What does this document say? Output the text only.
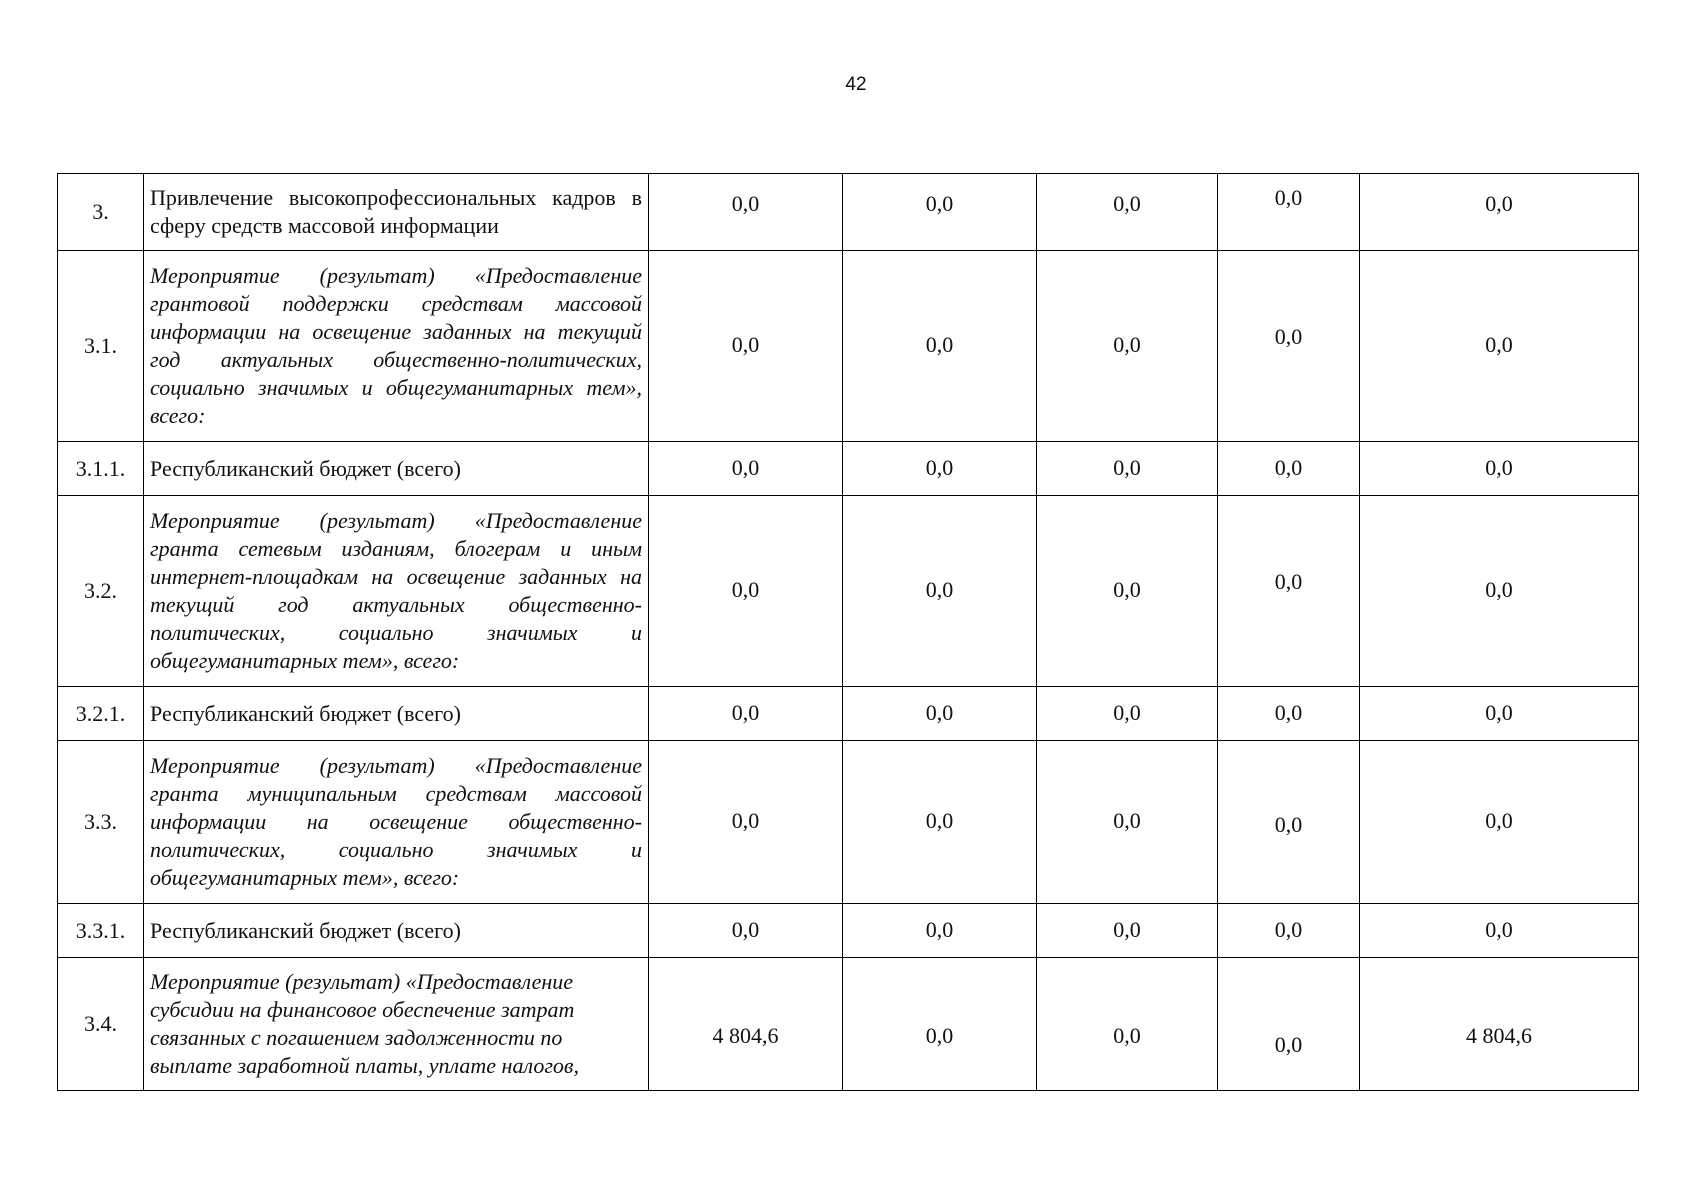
42
3.	Привлечение высокопрофессиональных кадров в сферу средств массовой информации	0,0	0,0	0,0	0,0	0,0

3.1.	Мероприятие (результат) «Предоставление грантовой поддержки средствам массовой информации на освещение заданных на текущий год актуальных общественно-политических, социально значимых и общегуманитарных тем», всего:	0,0	0,0	0,0	0,0	0,0

3.1.1.	Республиканский бюджет (всего)	0,0	0,0	0,0	0,0	0,0

3.2.	Мероприятие (результат) «Предоставление гранта сетевым изданиям, блогерам и иным интернет-площадкам на освещение заданных на текущий год актуальных общественно-политических, социально значимых и общегуманитарных тем», всего:	0,0	0,0	0,0	0,0	0,0

3.2.1.	Республиканский бюджет (всего)	0,0	0,0	0,0	0,0	0,0

3.3.	Мероприятие (результат) «Предоставление гранта муниципальным средствам массовой информации на освещение общественно-политических, социально значимых и общегуманитарных тем», всего:	0,0	0,0	0,0	0,0	0,0

3.3.1.	Республиканский бюджет (всего)	0,0	0,0	0,0	0,0	0,0

3.4.	Мероприятие (результат) «Предоставление субсидии на финансовое обеспечение затрат связанных с погашением задолженности по выплате заработной платы, уплате налогов,	4 804,6	0,0	0,0	0,0	4 804,6
